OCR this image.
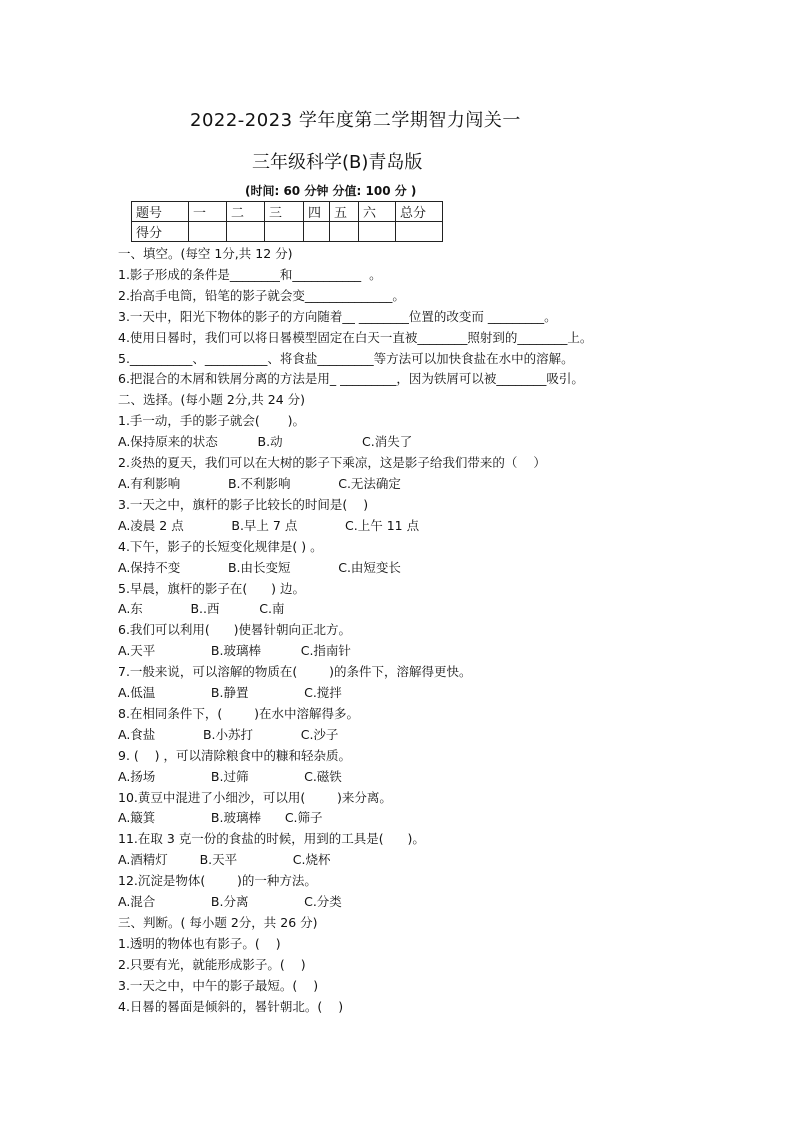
2022-2023 学年度第二学期智力闯关一
三年级科学(B)青岛版
(时间: 60 分钟 分值: 100 分 )
题号	一	二	三	四	五	六	总分
得分							
一、填空。(每空 1分,共 12 分)
1.影子形成的条件是________和___________  。
2.抬高手电筒，铅笔的影子就会变______________。
3.一天中，阳光下物体的影子的方向随着__ ________位置的改变而 _________。
4.使用日晷时，我们可以将日晷模型固定在白天一直被________照射到的________上。
5.__________、__________、将食盐_________等方法可以加快食盐在水中的溶解。
6.把混合的木屑和铁屑分离的方法是用_ _________，因为铁屑可以被________吸引。
二、选择。(每小题 2分,共 24 分)
1.手一动，手的影子就会(       )。
A.保持原来的状态          B.动                    C.消失了
2.炎热的夏天，我们可以在大树的影子下乘凉，这是影子给我们带来的（    ）
A.有利影响            B.不利影响            C.无法确定
3.一天之中，旗杆的影子比较长的时间是(    )
A.凌晨 2 点            B.早上 7 点            C.上午 11 点
4.下午，影子的长短变化规律是( ) 。
A.保持不变            B.由长变短            C.由短变长
5.早晨，旗杆的影子在(      ) 边。
A.东            B..西          C.南
6.我们可以利用(      )使晷针朝向正北方。
A.天平              B.玻璃棒          C.指南针
7.一般来说，可以溶解的物质在(        )的条件下，溶解得更快。
A.低温              B.静置              C.搅拌
8.在相同条件下，(        )在水中溶解得多。
A.食盐            B.小苏打            C.沙子
9. (    ) ，可以清除粮食中的糠和轻杂质。
A.扬场              B.过筛              C.磁铁
10.黄豆中混进了小细沙，可以用(        )来分离。
A.簸箕              B.玻璃棒      C.筛子
11.在取 3 克一份的食盐的时候，用到的工具是(      )。
A.酒精灯        B.天平              C.烧杯
12.沉淀是物体(        )的一种方法。
A.混合              B.分离              C.分类
三、判断。( 每小题 2分，共 26 分)
1.透明的物体也有影子。(    )
2.只要有光，就能形成影子。(    )
3.一天之中，中午的影子最短。(    )
4.日晷的晷面是倾斜的，晷针朝北。(    )
